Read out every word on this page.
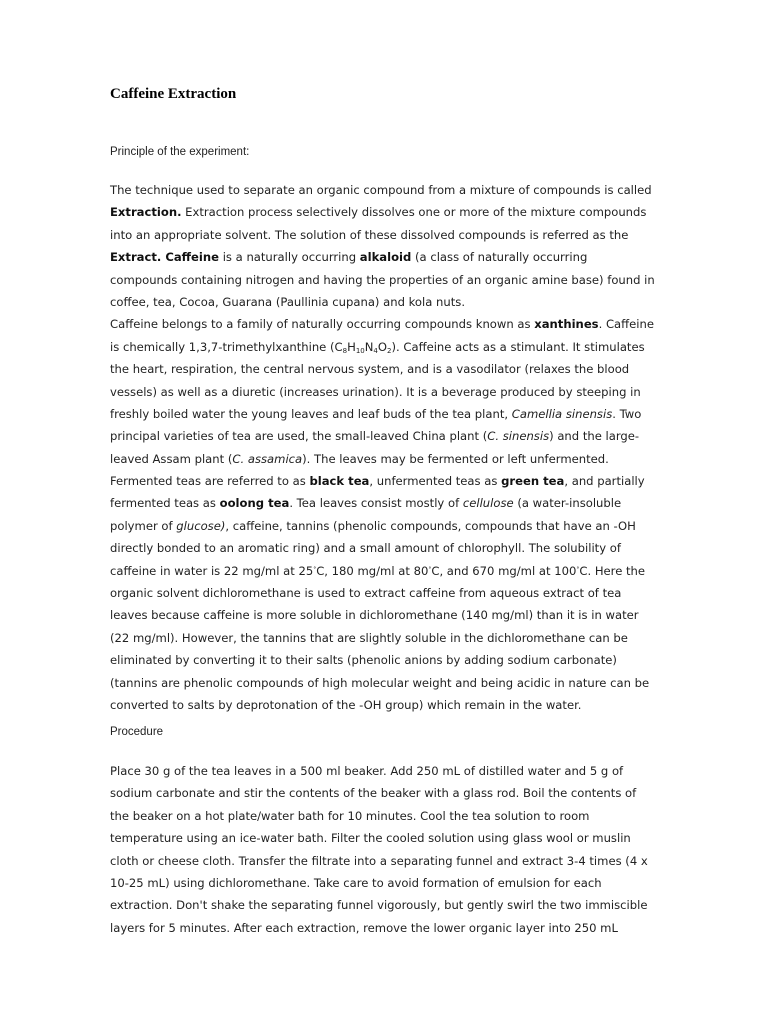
Caffeine Extraction
Principle of the experiment:
The technique used to separate an organic compound from a mixture of compounds is called
Extraction. Extraction process selectively dissolves one or more of the mixture compounds
into an appropriate solvent. The solution of these dissolved compounds is referred as the
Extract. Caffeine is a naturally occurring alkaloid (a class of naturally occurring
compounds containing nitrogen and having the properties of an organic amine base) found in
coffee, tea, Cocoa, Guarana (Paullinia cupana) and kola nuts.
Caffeine belongs to a family of naturally occurring compounds known as xanthines. Caffeine
is chemically 1,3,7-trimethylxanthine $(C_8H_{10}N_4O_2)$. Caffeine acts as a stimulant. It stimulates
the heart, respiration, the central nervous system, and is a vasodilator (relaxes the blood
vessels) as well as a diuretic (increases urination). It is a beverage produced by steeping in
freshly boiled water the young leaves and leaf buds of the tea plant, Camellia sinensis. Two
principal varieties of tea are used, the small-leaved China plant (C. sinensis) and the large-
leaved Assam plant (C. assamica). The leaves may be fermented or left unfermented.
Fermented teas are referred to as black tea, unfermented teas as green tea, and partially
fermented teas as oolong tea. Tea leaves consist mostly of cellulose (a water-insoluble
polymer of glucose), caffeine, tannins (phenolic compounds, compounds that have an -OH
directly bonded to an aromatic ring) and a small amount of chlorophyll. The solubility of
caffeine in water is 22 mg/ml at 25°C, 180 mg/ml at 80°C, and 670 mg/ml at 100°C. Here the
organic solvent dichloromethane is used to extract caffeine from aqueous extract of tea
leaves because caffeine is more soluble in dichloromethane (140 mg/ml) than it is in water
(22 mg/ml). However, the tannins that are slightly soluble in the dichloromethane can be
eliminated by converting it to their salts (phenolic anions by adding sodium carbonate)
(tannins are phenolic compounds of high molecular weight and being acidic in nature can be
converted to salts by deprotonation of the -OH group) which remain in the water.
Procedure
Place 30 g of the tea leaves in a 500 ml beaker. Add 250 mL of distilled water and 5 g of
sodium carbonate and stir the contents of the beaker with a glass rod. Boil the contents of
the beaker on a hot plate/water bath for 10 minutes. Cool the tea solution to room
temperature using an ice-water bath. Filter the cooled solution using glass wool or muslin
cloth or cheese cloth. Transfer the filtrate into a separating funnel and extract 3-4 times (4 x
10-25 mL) using dichloromethane. Take care to avoid formation of emulsion for each
extraction. Don't shake the separating funnel vigorously, but gently swirl the two immiscible
layers for 5 minutes. After each extraction, remove the lower organic layer into 250 mL
